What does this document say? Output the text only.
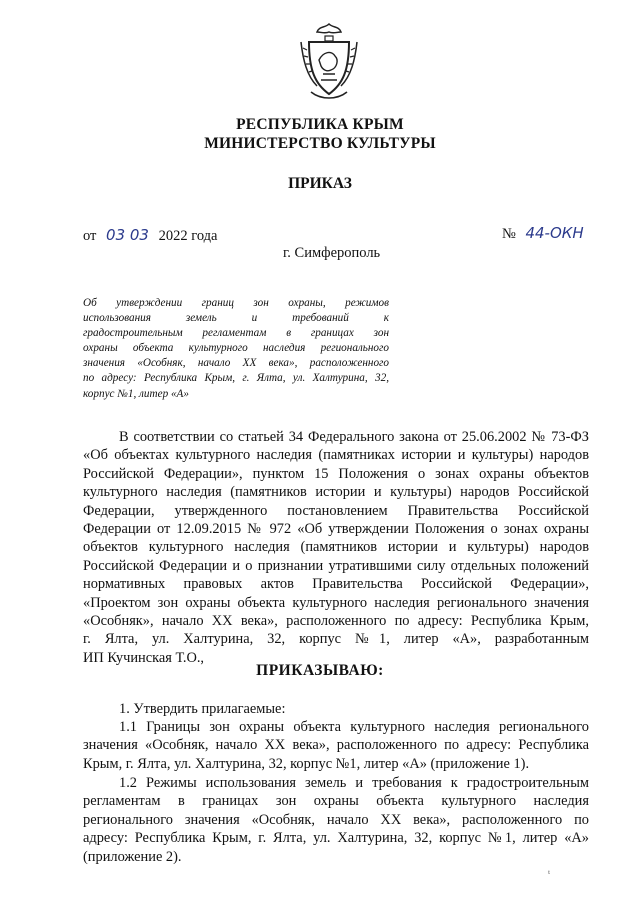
РЕСПУБЛИКА КРЫМ
МИНИСТЕРСТВО КУЛЬТУРЫ
ПРИКАЗ
от 03 03 2022 года	№ 44-ОКН
г. Симферополь
Об утверждении границ зон охраны, режимов
использования земель и требований к
градостроительным регламентам в границах зон
охраны объекта культурного наследия регионального
значения «Особняк, начало XX века», расположенного
по адресу: Республика Крым, г. Ялта, ул. Халтурина, 32,
корпус №1, литер «А»
В соответствии со статьей 34 Федерального закона от 25.06.2002 № 73-ФЗ
«Об объектах культурного наследия (памятниках истории и культуры) народов
Российской Федерации», пунктом 15 Положения о зонах охраны объектов
культурного наследия (памятников истории и культуры) народов Российской
Федерации, утвержденного постановлением Правительства Российской
Федерации от 12.09.2015 № 972 «Об утверждении Положения о зонах охраны
объектов культурного наследия (памятников истории и культуры) народов
Российской Федерации и о признании утратившими силу отдельных положений
нормативных правовых актов Правительства Российской Федерации»,
«Проектом зон охраны объекта культурного наследия регионального значения
«Особняк», начало XX века», расположенного по адресу: Республика Крым,
г. Ялта, ул. Халтурина, 32, корпус №1, литер «А», разработанным
ИП Кучинская Т.О.,
ПРИКАЗЫВАЮ:
1. Утвердить прилагаемые:
1.1 Границы зон охраны объекта культурного наследия регионального
значения «Особняк, начало XX века», расположенного по адресу: Республика
Крым, г. Ялта, ул. Халтурина, 32, корпус №1, литер «А» (приложение 1).
1.2 Режимы использования земель и требования к градостроительным
регламентам в границах зон охраны объекта культурного наследия
регионального значения «Особняк, начало XX века», расположенного по
адресу: Республика Крым, г. Ялта, ул. Халтурина, 32, корпус №1, литер «А»
(приложение 2).
ᵗ
